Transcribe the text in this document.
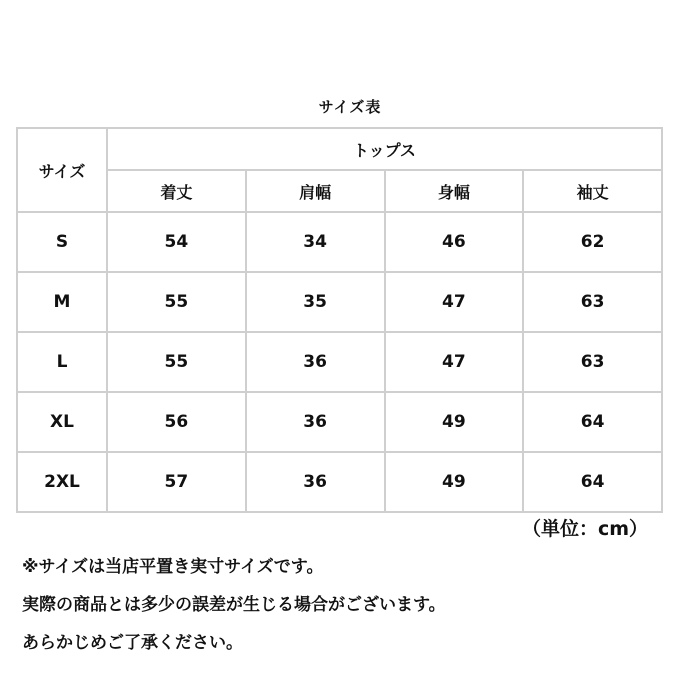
サイズ表
サイズ	トップス			
	着丈	肩幅	身幅	袖丈
S	54	34	46	62
M	55	35	47	63
L	55	36	47	63
XL	56	36	49	64
2XL	57	36	49	64
（単位：cm）

※サイズは当店平置き実寸サイズです。

実際の商品とは多少の誤差が生じる場合がございます。

あらかじめご了承ください。
